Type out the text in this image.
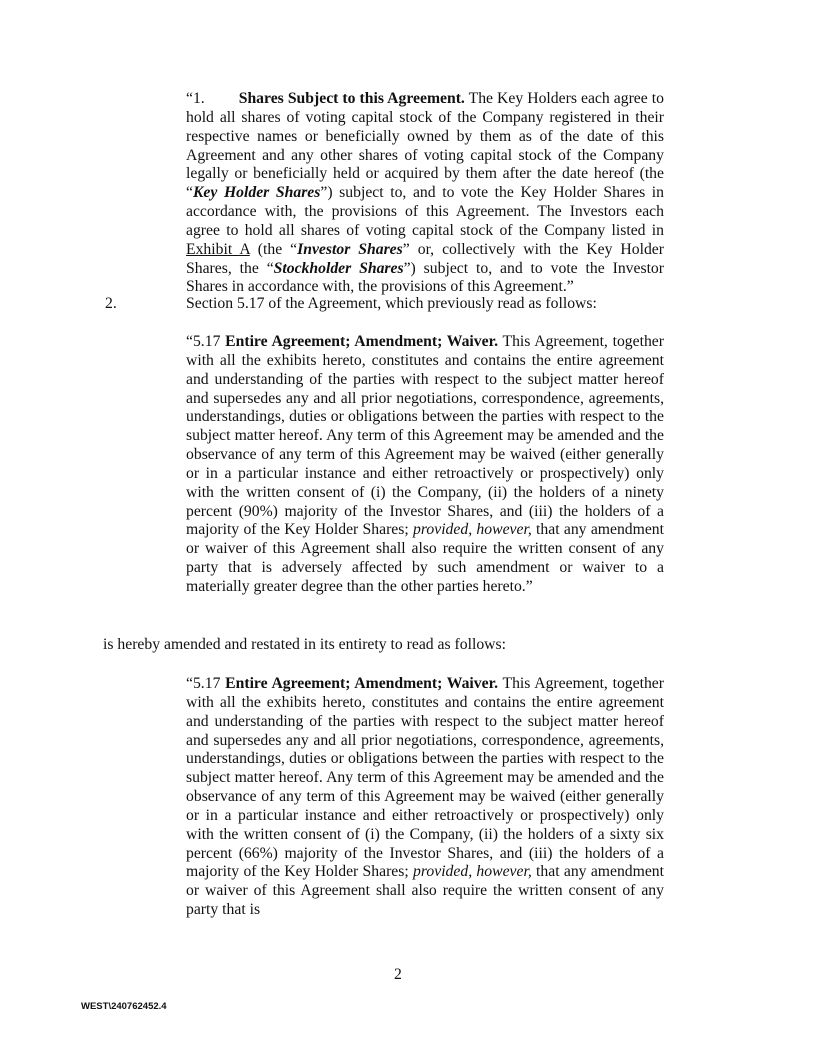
“1. Shares Subject to this Agreement. The Key Holders each agree to hold all shares of voting capital stock of the Company registered in their respective names or beneficially owned by them as of the date of this Agreement and any other shares of voting capital stock of the Company legally or beneficially held or acquired by them after the date hereof (the “Key Holder Shares”) subject to, and to vote the Key Holder Shares in accordance with, the provisions of this Agreement. The Investors each agree to hold all shares of voting capital stock of the Company listed in Exhibit A (the “Investor Shares” or, collectively with the Key Holder Shares, the “Stockholder Shares”) subject to, and to vote the Investor Shares in accordance with, the provisions of this Agreement.”
2.	Section 5.17 of the Agreement, which previously read as follows:
“5.17 Entire Agreement; Amendment; Waiver. This Agreement, together with all the exhibits hereto, constitutes and contains the entire agreement and understanding of the parties with respect to the subject matter hereof and supersedes any and all prior negotiations, correspondence, agreements, understandings, duties or obligations between the parties with respect to the subject matter hereof. Any term of this Agreement may be amended and the observance of any term of this Agreement may be waived (either generally or in a particular instance and either retroactively or prospectively) only with the written consent of (i) the Company, (ii) the holders of a ninety percent (90%) majority of the Investor Shares, and (iii) the holders of a majority of the Key Holder Shares; provided, however, that any amendment or waiver of this Agreement shall also require the written consent of any party that is adversely affected by such amendment or waiver to a materially greater degree than the other parties hereto.”
is hereby amended and restated in its entirety to read as follows:
“5.17 Entire Agreement; Amendment; Waiver. This Agreement, together with all the exhibits hereto, constitutes and contains the entire agreement and understanding of the parties with respect to the subject matter hereof and supersedes any and all prior negotiations, correspondence, agreements, understandings, duties or obligations between the parties with respect to the subject matter hereof. Any term of this Agreement may be amended and the observance of any term of this Agreement may be waived (either generally or in a particular instance and either retroactively or prospectively) only with the written consent of (i) the Company, (ii) the holders of a sixty six percent (66%) majority of the Investor Shares, and (iii) the holders of a majority of the Key Holder Shares; provided, however, that any amendment or waiver of this Agreement shall also require the written consent of any party that is
2
WEST\240762452.4
